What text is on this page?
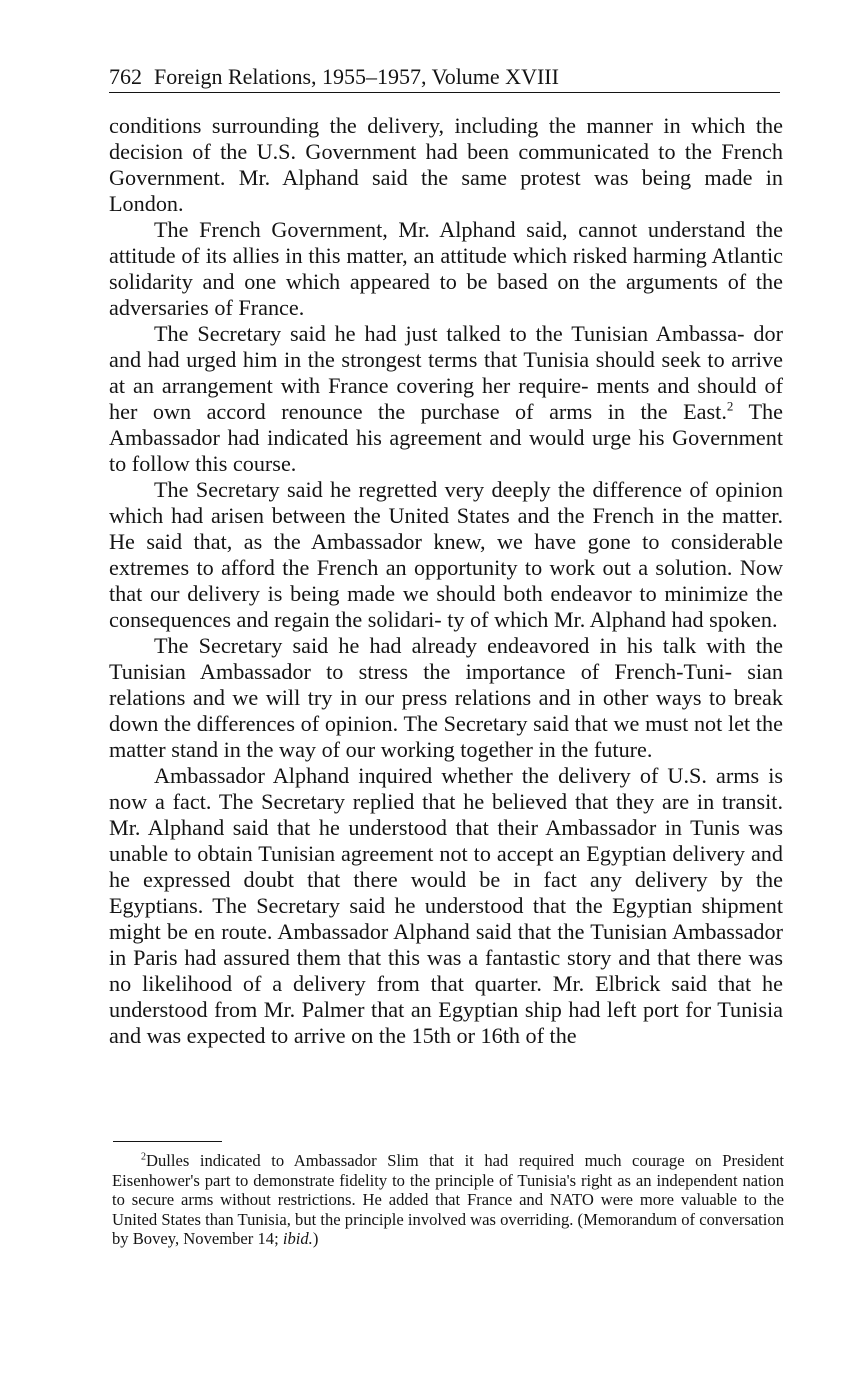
762 Foreign Relations, 1955–1957, Volume XVIII

conditions surrounding the delivery, including the manner in which the decision of the U.S. Government had been communicated to the French Government. Mr. Alphand said the same protest was being made in London.

The French Government, Mr. Alphand said, cannot understand the attitude of its allies in this matter, an attitude which risked harming Atlantic solidarity and one which appeared to be based on the arguments of the adversaries of France.

The Secretary said he had just talked to the Tunisian Ambassa- dor and had urged him in the strongest terms that Tunisia should seek to arrive at an arrangement with France covering her require- ments and should of her own accord renounce the purchase of arms in the East.$^2$ The Ambassador had indicated his agreement and would urge his Government to follow this course.

The Secretary said he regretted very deeply the difference of opinion which had arisen between the United States and the French in the matter. He said that, as the Ambassador knew, we have gone to considerable extremes to afford the French an opportunity to work out a solution. Now that our delivery is being made we should both endeavor to minimize the consequences and regain the solidari- ty of which Mr. Alphand had spoken.

The Secretary said he had already endeavored in his talk with the Tunisian Ambassador to stress the importance of French-Tuni- sian relations and we will try in our press relations and in other ways to break down the differences of opinion. The Secretary said that we must not let the matter stand in the way of our working together in the future.

Ambassador Alphand inquired whether the delivery of U.S. arms is now a fact. The Secretary replied that he believed that they are in transit. Mr. Alphand said that he understood that their Ambassador in Tunis was unable to obtain Tunisian agreement not to accept an Egyptian delivery and he expressed doubt that there would be in fact any delivery by the Egyptians. The Secretary said he understood that the Egyptian shipment might be en route. Ambassador Alphand said that the Tunisian Ambassador in Paris had assured them that this was a fantastic story and that there was no likelihood of a delivery from that quarter. Mr. Elbrick said that he understood from Mr. Palmer that an Egyptian ship had left port for Tunisia and was expected to arrive on the 15th or 16th of the

$^2$Dulles indicated to Ambassador Slim that it had required much courage on President Eisenhower's part to demonstrate fidelity to the principle of Tunisia's right as an independent nation to secure arms without restrictions. He added that France and NATO were more valuable to the United States than Tunisia, but the principle involved was overriding. (Memorandum of conversation by Bovey, November 14; ibid.)
